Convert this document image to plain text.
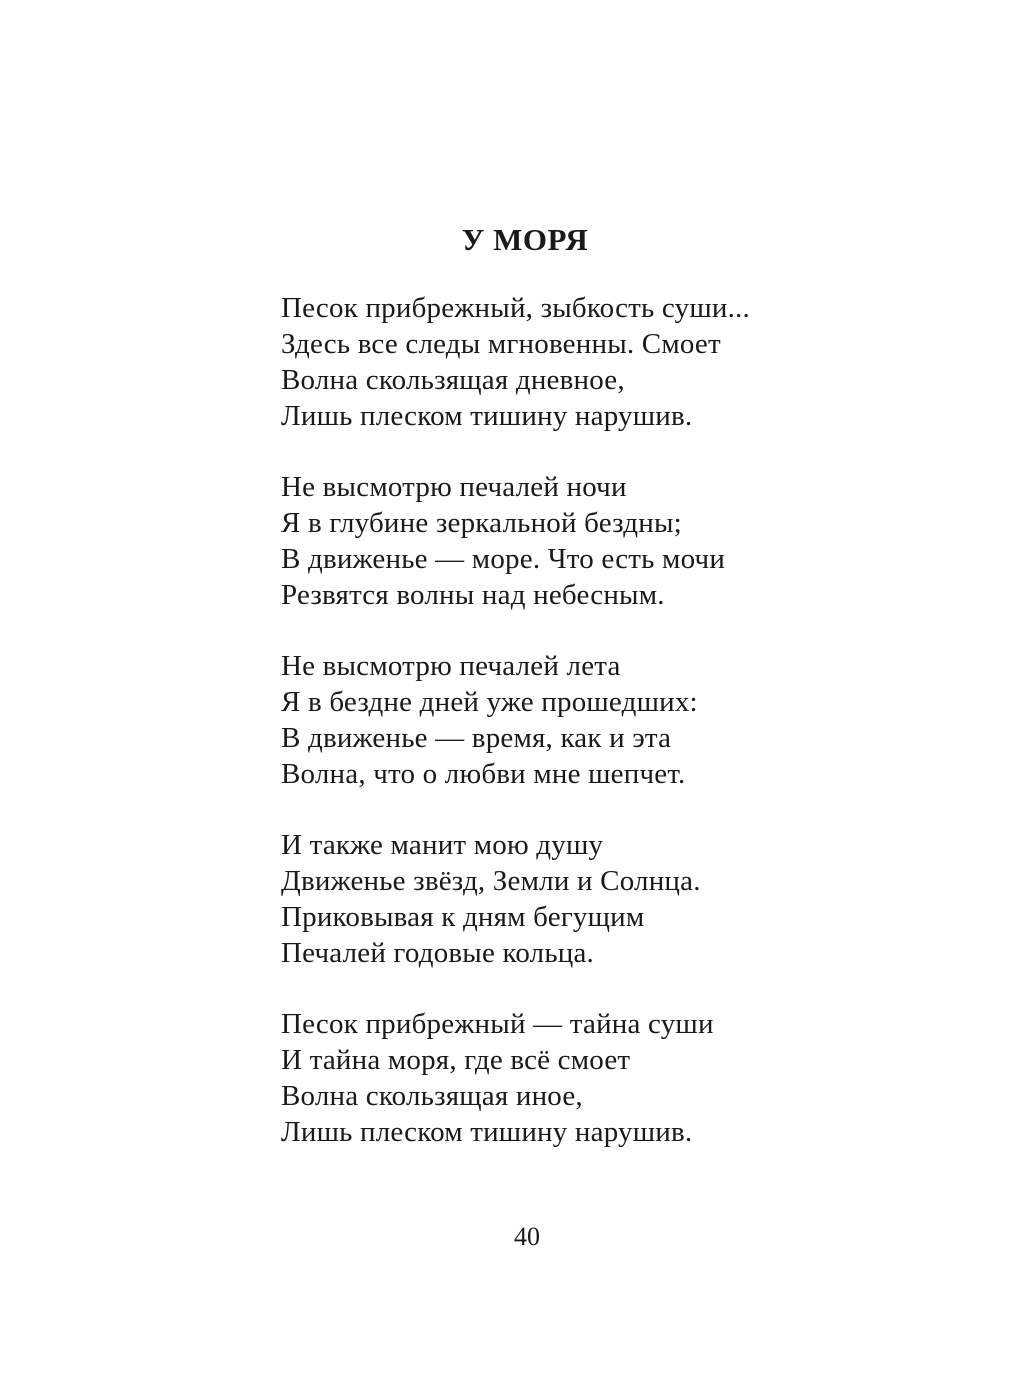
У МОРЯ
Песок прибрежный, зыбкость суши...
Здесь все следы мгновенны. Смоет
Волна скользящая дневное,
Лишь плеском тишину нарушив.
Не высмотрю печалей ночи
Я в глубине зеркальной бездны;
В движенье — море. Что есть мочи
Резвятся волны над небесным.
Не высмотрю печалей лета
Я в бездне дней уже прошедших:
В движенье — время, как и эта
Волна, что о любви мне шепчет.
И также манит мою душу
Движенье звёзд, Земли и Солнца.
Приковывая к дням бегущим
Печалей годовые кольца.
Песок прибрежный — тайна суши
И тайна моря, где всё смоет
Волна скользящая иное,
Лишь плеском тишину нарушив.
40
